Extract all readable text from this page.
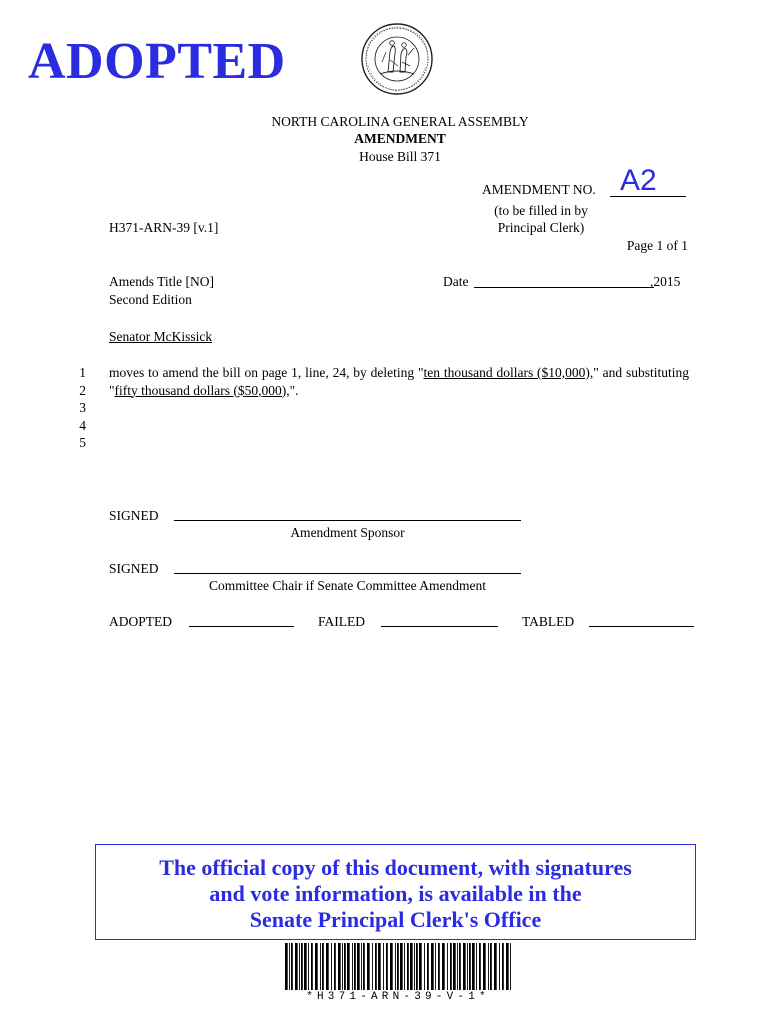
ADOPTED
NORTH CAROLINA GENERAL ASSEMBLY
AMENDMENT
House Bill 371
AMENDMENT NO. A2
(to be filled in by
Principal Clerk)
Page 1 of 1
H371-ARN-39 [v.1]
Amends Title [NO]
Second Edition
Date	,2015
Senator McKissick
1
2
3
4
5
moves to amend the bill on page 1, line, 24, by deleting "ten thousand dollars ($10,000)," and substituting "fifty thousand dollars ($50,000),".
SIGNED
Amendment Sponsor
SIGNED
Committee Chair if Senate Committee Amendment
ADOPTED	FAILED	TABLED
The official copy of this document, with signatures
and vote information, is available in the
Senate Principal Clerk's Office
*H371-ARN-39-V-1*
